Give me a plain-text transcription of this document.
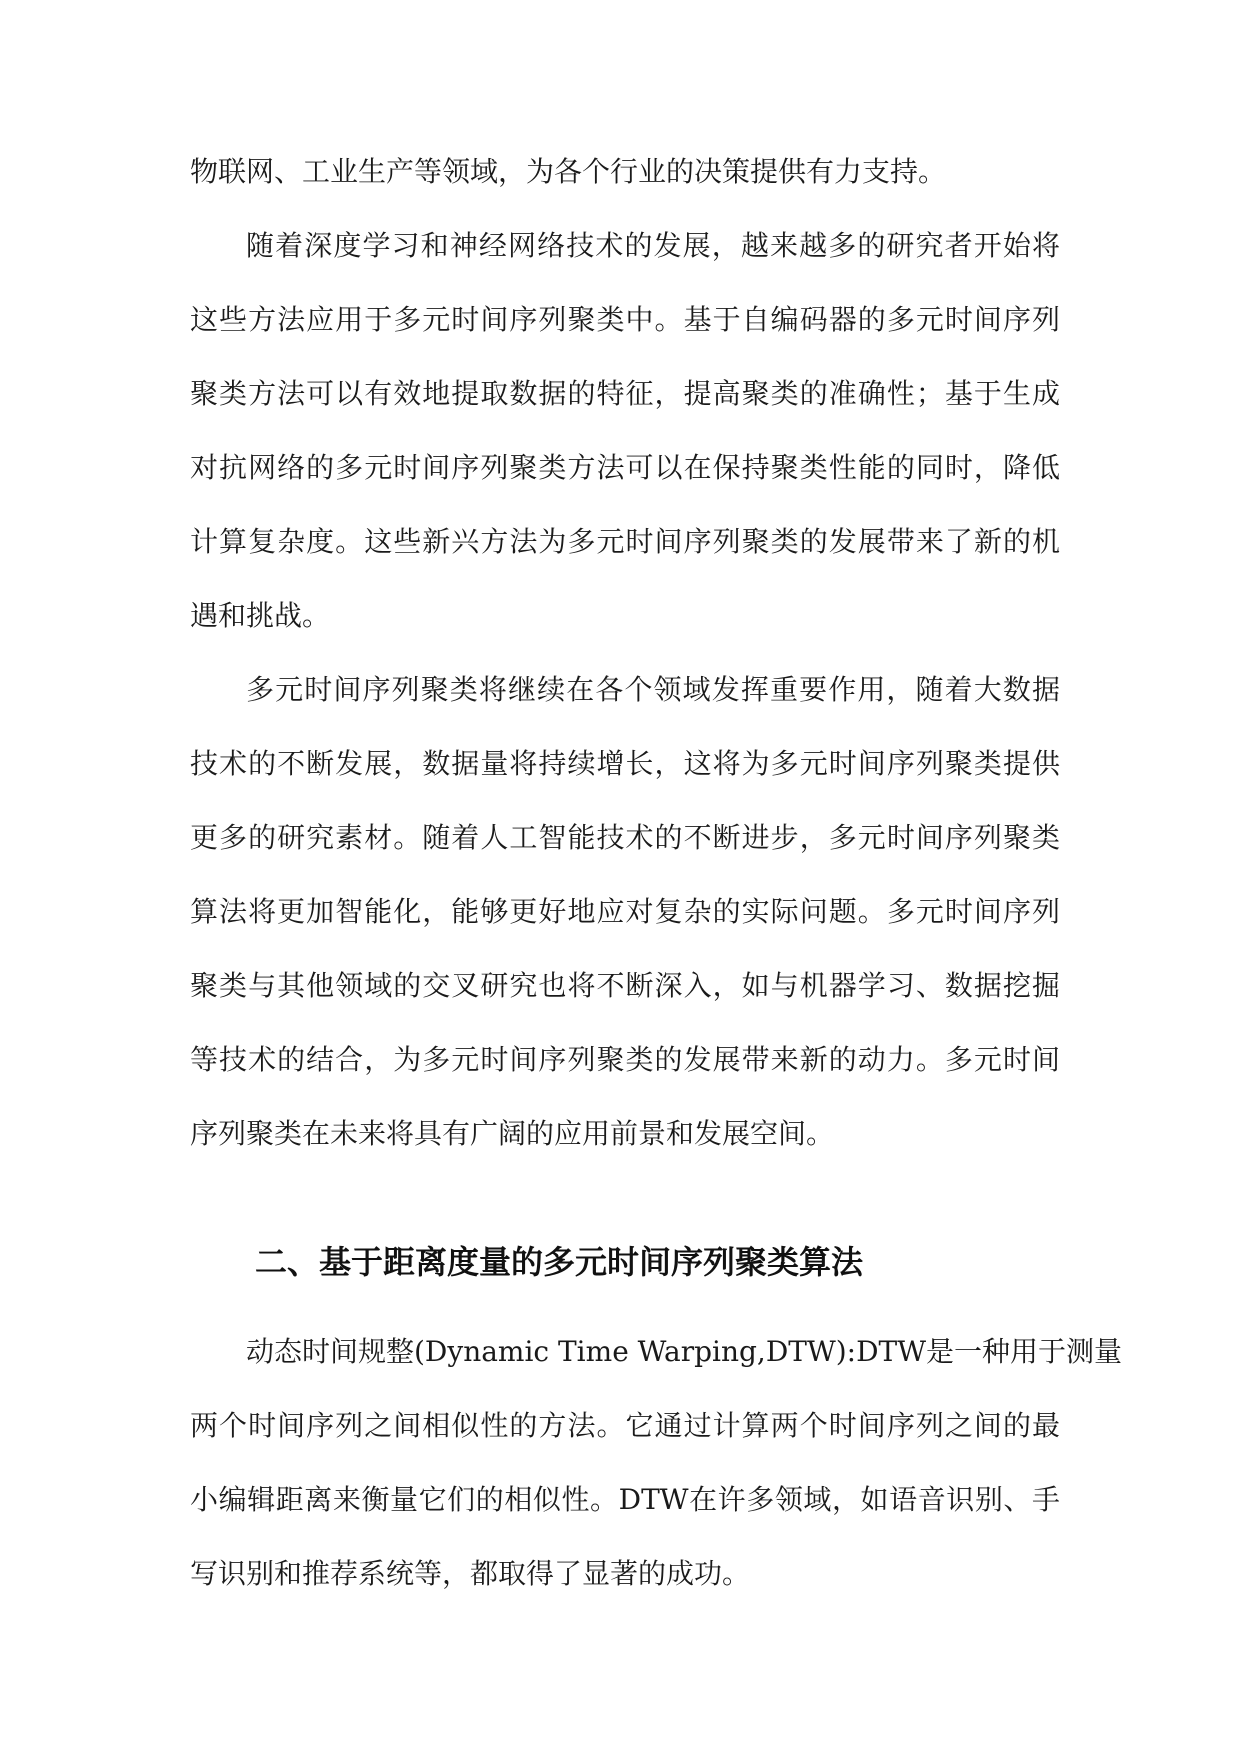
物联网、工业生产等领域，为各个行业的决策提供有力支持。
随着深度学习和神经网络技术的发展，越来越多的研究者开始将
这些方法应用于多元时间序列聚类中。基于自编码器的多元时间序列
聚类方法可以有效地提取数据的特征，提高聚类的准确性；基于生成
对抗网络的多元时间序列聚类方法可以在保持聚类性能的同时，降低
计算复杂度。这些新兴方法为多元时间序列聚类的发展带来了新的机
遇和挑战。
多元时间序列聚类将继续在各个领域发挥重要作用，随着大数据
技术的不断发展，数据量将持续增长，这将为多元时间序列聚类提供
更多的研究素材。随着人工智能技术的不断进步，多元时间序列聚类
算法将更加智能化，能够更好地应对复杂的实际问题。多元时间序列
聚类与其他领域的交叉研究也将不断深入，如与机器学习、数据挖掘
等技术的结合，为多元时间序列聚类的发展带来新的动力。多元时间
序列聚类在未来将具有广阔的应用前景和发展空间。
动态时间规整(Dynamic Time Warping,DTW):DTW是一种用于测量
两个时间序列之间相似性的方法。它通过计算两个时间序列之间的最
小编辑距离来衡量它们的相似性。DTW在许多领域，如语音识别、手
写识别和推荐系统等，都取得了显著的成功。
二、基于距离度量的多元时间序列聚类算法
